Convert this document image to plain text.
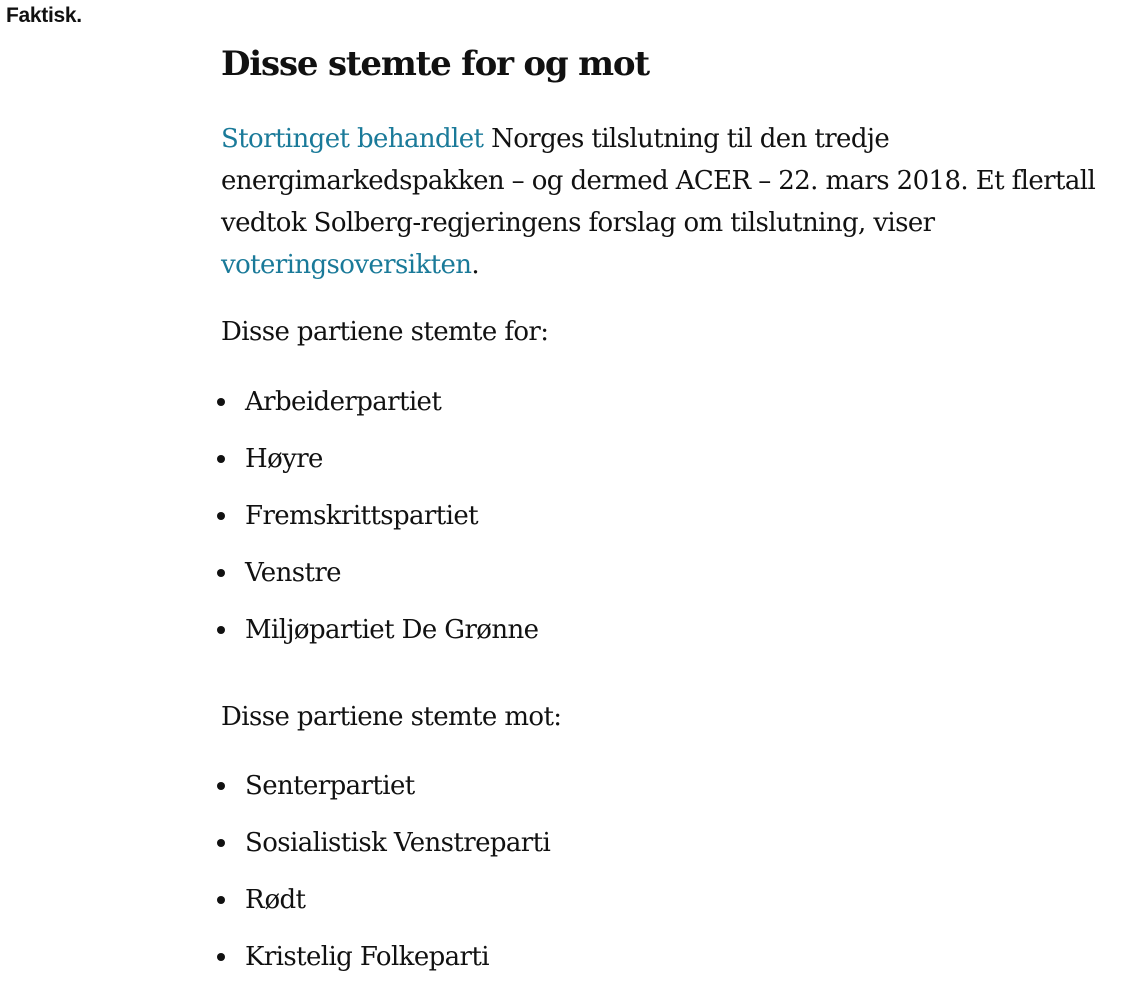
Faktisk.
Disse stemte for og mot

Stortinget behandlet Norges tilslutning til den tredje energimarkedspakken – og dermed ACER – 22. mars 2018. Et flertall vedtok Solberg-regjeringens forslag om tilslutning, viser voteringsoversikten.

Disse partiene stemte for:

Arbeiderpartiet
Høyre
Fremskrittspartiet
Venstre
Miljøpartiet De Grønne

Disse partiene stemte mot:

Senterpartiet
Sosialistisk Venstreparti
Rødt
Kristelig Folkeparti
